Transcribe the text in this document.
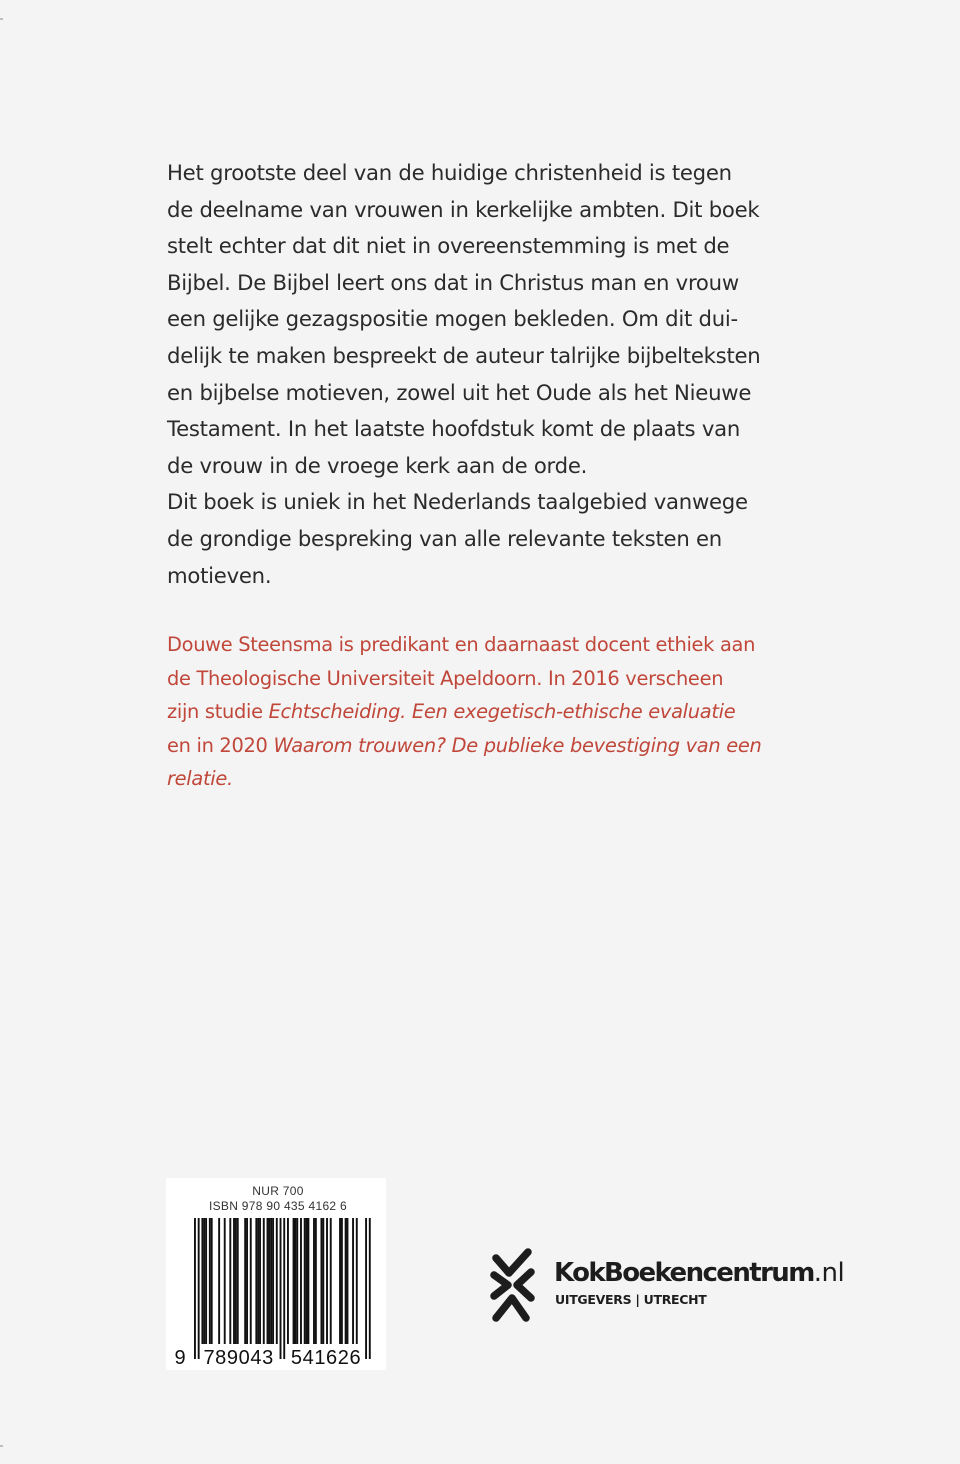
Het grootste deel van de huidige christenheid is tegen
de deelname van vrouwen in kerkelijke ambten. Dit boek
stelt echter dat dit niet in overeenstemming is met de
Bijbel. De Bijbel leert ons dat in Christus man en vrouw
een gelijke gezagspositie mogen bekleden. Om dit dui-
delijk te maken bespreekt de auteur talrijke bijbelteksten
en bijbelse motieven, zowel uit het Oude als het Nieuwe
Testament. In het laatste hoofdstuk komt de plaats van
de vrouw in de vroege kerk aan de orde.
Dit boek is uniek in het Nederlands taalgebied vanwege
de grondige bespreking van alle relevante teksten en
motieven.
Douwe Steensma is predikant en daarnaast docent ethiek aan
de Theologische Universiteit Apeldoorn. In 2016 verscheen
zijn studie Echtscheiding. Een exegetisch-ethische evaluatie
en in 2020 Waarom trouwen? De publieke bevestiging van een
relatie.
NUR 700
ISBN 978 90 435 4162 6
9 789043 541626
KokBoekencentrum.nl
UITGEVERS | UTRECHT
